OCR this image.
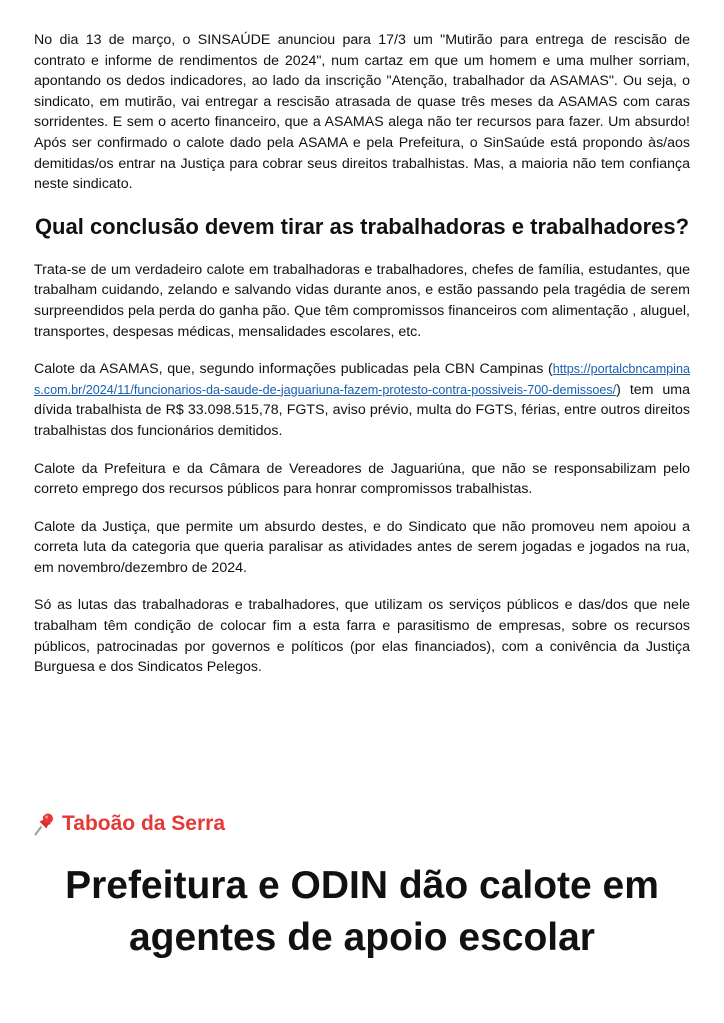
No dia 13 de março, o SINSAÚDE anunciou para 17/3 um "Mutirão para entrega de rescisão de contrato e informe de rendimentos de 2024", num cartaz em que um homem e uma mulher sorriam, apontando os dedos indicadores, ao lado da inscrição "Atenção, trabalhador da ASAMAS". Ou seja, o sindicato, em mutirão, vai entregar a rescisão atrasada de quase três meses da ASAMAS com caras sorridentes. E sem o acerto financeiro, que a ASAMAS alega não ter recursos para fazer. Um absurdo! Após ser confirmado o calote dado pela ASAMA e pela Prefeitura, o SinSaúde está propondo às/aos demitidas/os entrar na Justiça para cobrar seus direitos trabalhistas. Mas, a maioria não tem confiança neste sindicato.

Qual conclusão devem tirar as trabalhadoras e trabalhadores?

Trata-se de um verdadeiro calote em trabalhadoras e trabalhadores, chefes de família, estudantes, que trabalham cuidando, zelando e salvando vidas durante anos, e estão passando pela tragédia de serem surpreendidos pela perda do ganha pão. Que têm compromissos financeiros com alimentação , aluguel, transportes, despesas médicas, mensalidades escolares, etc.

Calote da ASAMAS, que, segundo informações publicadas pela CBN Campinas (https://portalcbncampinas.com.br/2024/11/funcionarios-da-saude-de-jaguariuna-fazem-protesto-contra-possiveis-700-demissoes/) tem uma dívida trabalhista de R$ 33.098.515,78, FGTS, aviso prévio, multa do FGTS, férias, entre outros direitos trabalhistas dos funcionários demitidos.

Calote da Prefeitura e da Câmara de Vereadores de Jaguariúna, que não se responsabilizam pelo correto emprego dos recursos públicos para honrar compromissos trabalhistas.

Calote da Justiça, que permite um absurdo destes, e do Sindicato que não promoveu nem apoiou a correta luta da categoria que queria paralisar as atividades antes de serem jogadas e jogados na rua, em novembro/dezembro de 2024.

Só as lutas das trabalhadoras e trabalhadores, que utilizam os serviços públicos e das/dos que nele trabalham têm condição de colocar fim a esta farra e parasitismo de empresas, sobre os recursos públicos, patrocinadas por governos e políticos (por elas financiados), com a conivência da Justiça Burguesa e dos Sindicatos Pelegos.

Taboão da Serra
Prefeitura e ODIN dão calote em agentes de apoio escolar
